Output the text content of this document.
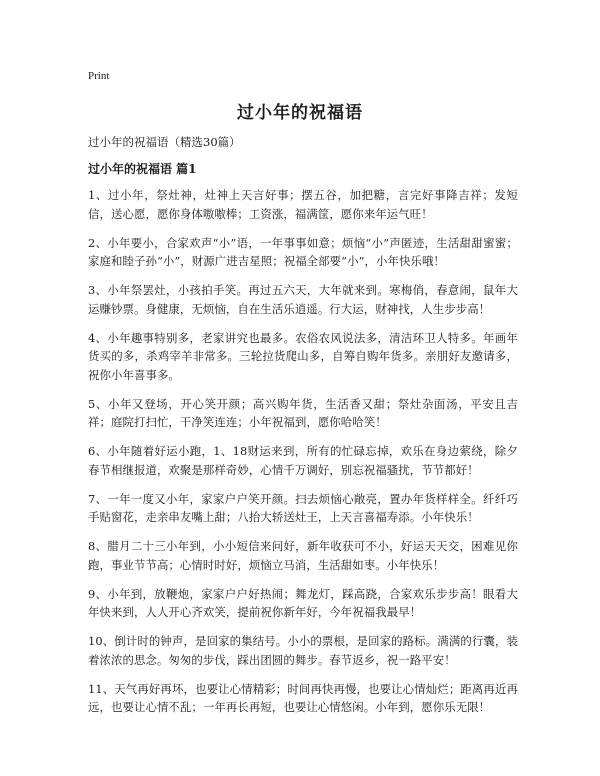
Print
过小年的祝福语
过小年的祝福语（精选30篇）
过小年的祝福语 篇1

1、过小年，祭灶神，灶神上天言好事；摆五谷，加把糖，言完好事降吉祥；发短信，送心愿，愿你身体嗷嗷棒；工资涨，福满筐，愿你来年运气旺！

2、小年要小，合家欢声“小”语，一年事事如意；烦恼“小”声匿迹，生活甜甜蜜蜜；家庭和睦子孙“小”，财源广进吉星照；祝福全部要“小”，小年快乐哦！

3、小年祭罢灶，小孩拍手笑。再过五六天，大年就来到。寒梅俏，春意闹，鼠年大运赚钞票。身健康，无烦恼，自在生活乐逍遥。行大运，财神找，人生步步高！

4、小年趣事特别多，老家讲究也最多。农俗农风说法多，清洁环卫人特多。年画年货买的多，杀鸡宰羊非常多。三轮拉货爬山多，自筹自购年货多。亲朋好友邀请多，祝你小年喜事多。

5、小年又登场，开心笑开颜；高兴购年货，生活香又甜；祭灶杂面汤，平安且吉祥；庭院打扫忙，干净笑连连；小年祝福到，愿你哈哈笑！

6、小年随着好运小跑，1、18财运来到，所有的忙碌忘掉，欢乐在身边萦绕，除夕春节相继报道，欢聚是那样奇妙，心情千万调好，别忘祝福骚扰，节节都好！

7、一年一度又小年，家家户户笑开颜。扫去烦恼心敞亮，置办年货样样全。纤纤巧手贴窗花，走亲串友嘴上甜；八抬大轿送灶王，上天言喜福寿添。小年快乐！

8、腊月二十三小年到，小小短信来问好，新年收获可不小，好运天天交，困难见你跑，事业节节高；心情时时好，烦恼立马消，生活甜如枣。小年快乐！

9、小年到，放鞭炮，家家户户好热闹；舞龙灯，踩高跷，合家欢乐步步高！眼看大年快来到，人人开心齐欢笑，提前祝你新年好，今年祝福我最早！

10、倒计时的钟声，是回家的集结号。小小的票根，是回家的路标。满满的行囊，装着浓浓的思念。匆匆的步伐，踩出团圆的舞步。春节返乡，祝一路平安！

11、天气再好再坏，也要让心情精彩；时间再快再慢，也要让心情灿烂；距离再近再远，也要让心情不乱；一年再长再短，也要让心情悠闲。小年到，愿你乐无限！
